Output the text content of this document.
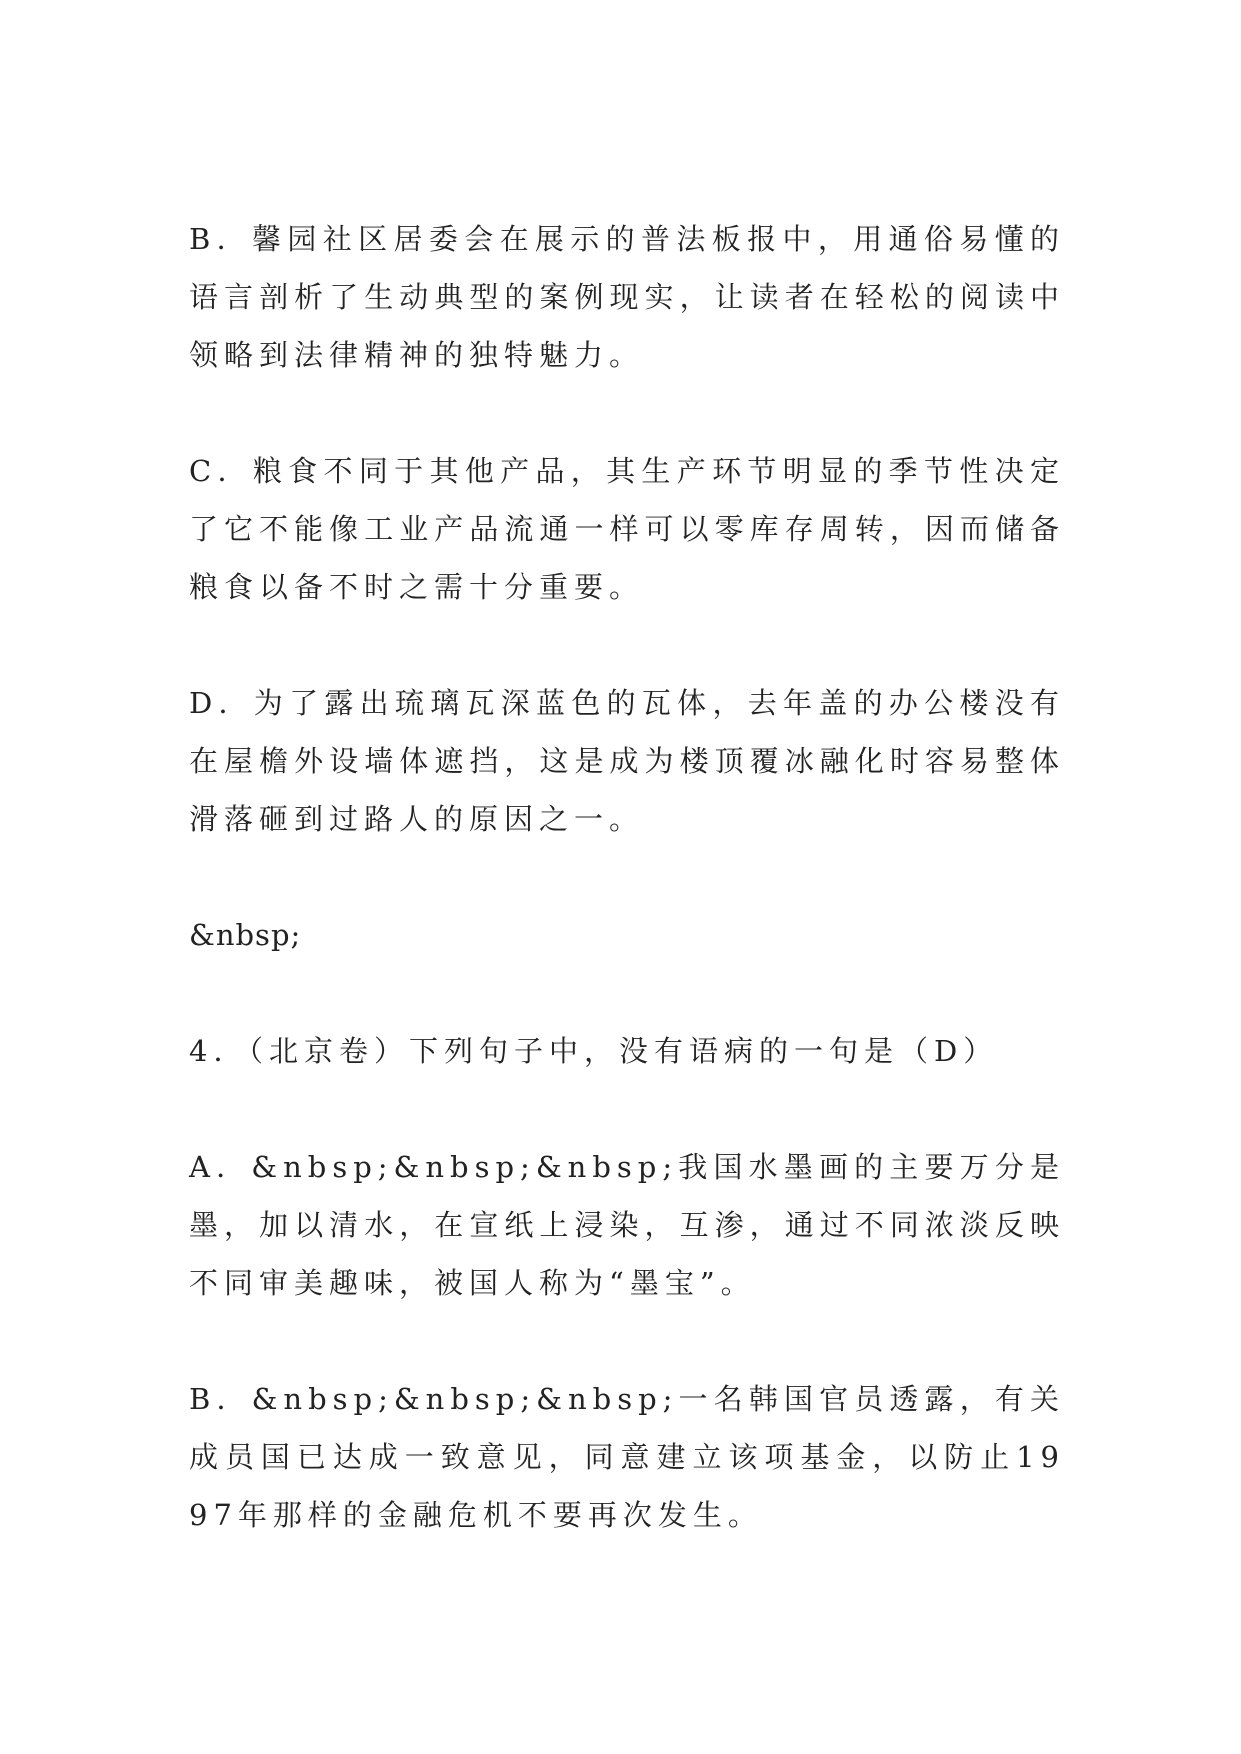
B．馨园社区居委会在展示的普法板报中，用通俗易懂的语言剖析了生动典型的案例现实，让读者在轻松的阅读中领略到法律精神的独特魅力。

C．粮食不同于其他产品，其生产环节明显的季节性决定了它不能像工业产品流通一样可以零库存周转，因而储备粮食以备不时之需十分重要。

D．为了露出琉璃瓦深蓝色的瓦体，去年盖的办公楼没有在屋檐外设墙体遮挡，这是成为楼顶覆冰融化时容易整体滑落砸到过路人的原因之一。

&nbsp;

4．（北京卷）下列句子中，没有语病的一句是（D）

A．&nbsp;&nbsp;&nbsp;我国水墨画的主要万分是墨，加以清水，在宣纸上浸染，互渗，通过不同浓淡反映不同审美趣味，被国人称为“墨宝”。

B．&nbsp;&nbsp;&nbsp;一名韩国官员透露，有关成员国已达成一致意见，同意建立该项基金，以防止1997年那样的金融危机不要再次发生。
